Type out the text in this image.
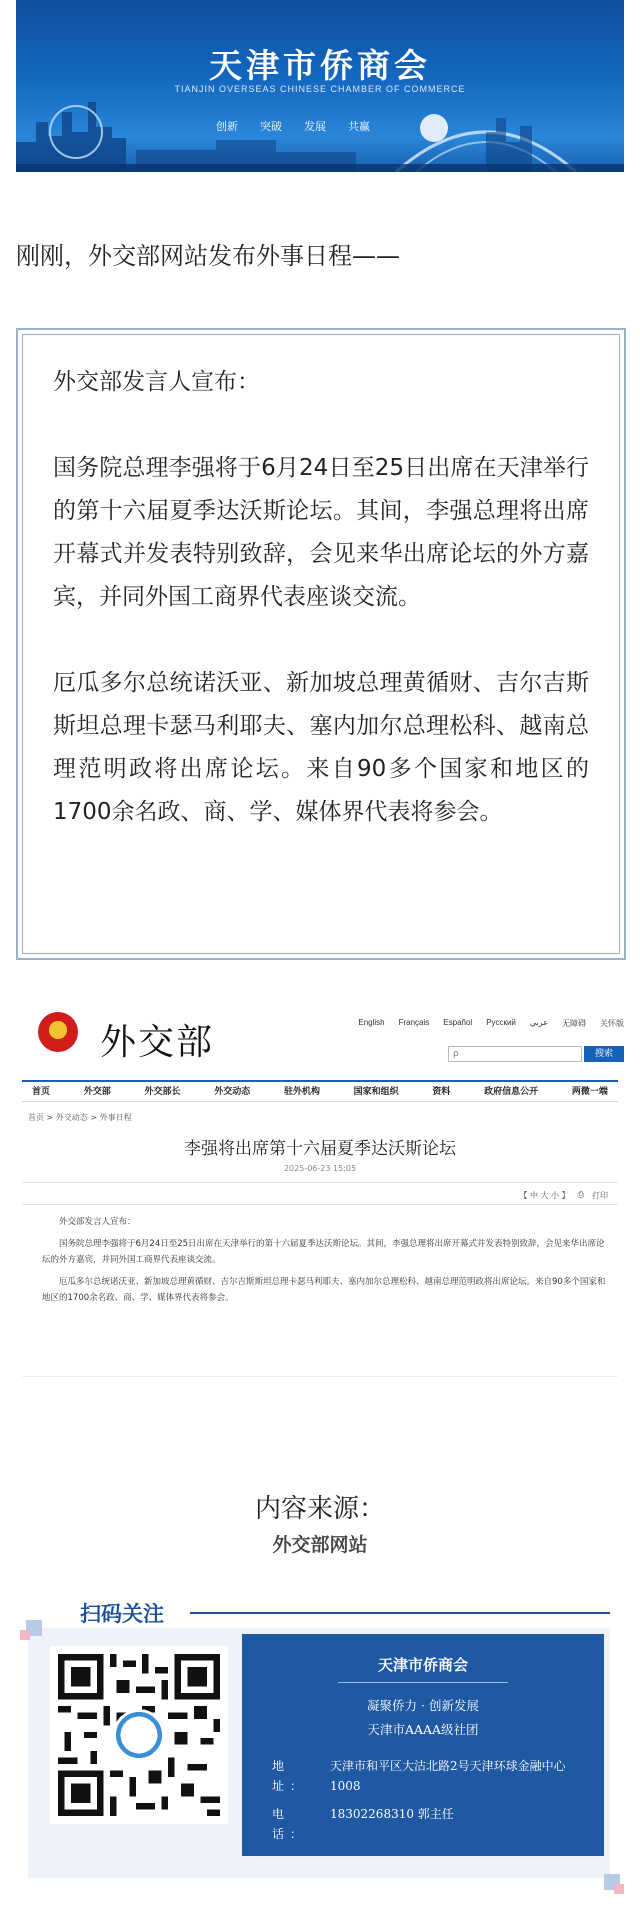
天津市侨商会
TIANJIN OVERSEAS CHINESE CHAMBER OF COMMERCE
创新 突破 发展 共赢
刚刚，外交部网站发布外事日程——

外交部发言人宣布：

国务院总理李强将于6月24日至25日出席在天津举行的第十六届夏季达沃斯论坛。其间，李强总理将出席开幕式并发表特别致辞，会见来华出席论坛的外方嘉宾，并同外国工商界代表座谈交流。

厄瓜多尔总统诺沃亚、新加坡总理黄循财、吉尔吉斯斯坦总理卡瑟马利耶夫、塞内加尔总理松科、越南总理范明政将出席论坛。来自90多个国家和地区的1700余名政、商、学、媒体界代表将参会。

外交部	English Français Español Русский عربي 无障碍 关怀版
ρ	搜索
首页	外交部	外交部长	外交动态	驻外机构	国家和组织	资料	政府信息公开	两微一端
首页 > 外交动态 > 外事日程
李强将出席第十六届夏季达沃斯论坛
2025-06-23 15:05
【 中 大 小 】 ⎙ 打印

外交部发言人宣布：

国务院总理李强将于6月24日至25日出席在天津举行的第十六届夏季达沃斯论坛。其间，李强总理将出席开幕式并发表特别致辞，会见来华出席论坛的外方嘉宾，并同外国工商界代表座谈交流。

厄瓜多尔总统诺沃亚、新加坡总理黄循财、吉尔吉斯斯坦总理卡瑟马利耶夫、塞内加尔总理松科、越南总理范明政将出席论坛。来自90多个国家和地区的1700余名政、商、学、媒体界代表将参会。

内容来源：
外交部网站
扫码关注
天津市侨商会
凝聚侨力 · 创新发展
天津市AAAA级社团
地 址：天津市和平区大沽北路2号天津环球金融中心1008
电 话：18302268310 郭主任
